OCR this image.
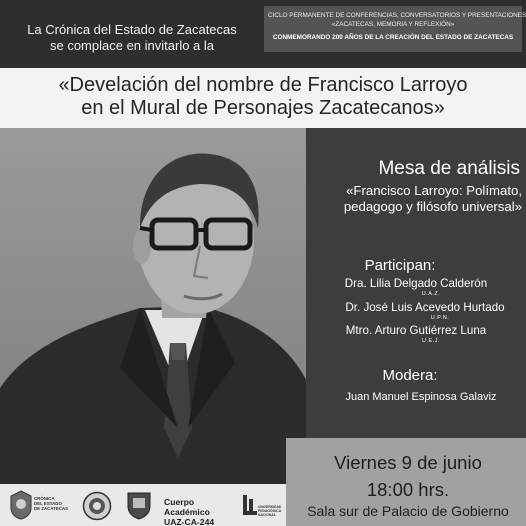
La Crónica del Estado de Zacatecas
se complace en invitarlo a la
CICLO PERMANENTE DE CONFERENCIAS, CONVERSATORIOS Y PRESENTACIONES
«ZACATECAS, MEMORIA Y REFLEXIÓN»
CONMEMORANDO 200 AÑOS DE LA CREACIÓN DEL ESTADO DE ZACATECAS
«Develación del nombre de Francisco Larroyo
en el Mural de Personajes Zacatecanos»
Mesa de análisis
«Francisco Larroyo: Polímato,
pedagogo y filósofo universal»
Participan:
Dra. Lilia Delgado Calderón
U.A.Z.
Dr. José Luis Acevedo Hurtado
U.P.N.
Mtro. Arturo Gutiérrez Luna
U.E.J.
Modera:
Juan Manuel Espinosa Galaviz
Viernes 9 de junio
18:00 hrs.
Sala sur de Palacio de Gobierno
CRÓNICA
DEL ESTADO
DE ZACATECAS
Cuerpo Académico
UAZ-CA-244
UNIVERSIDAD
PEDAGÓGICA
NACIONAL
